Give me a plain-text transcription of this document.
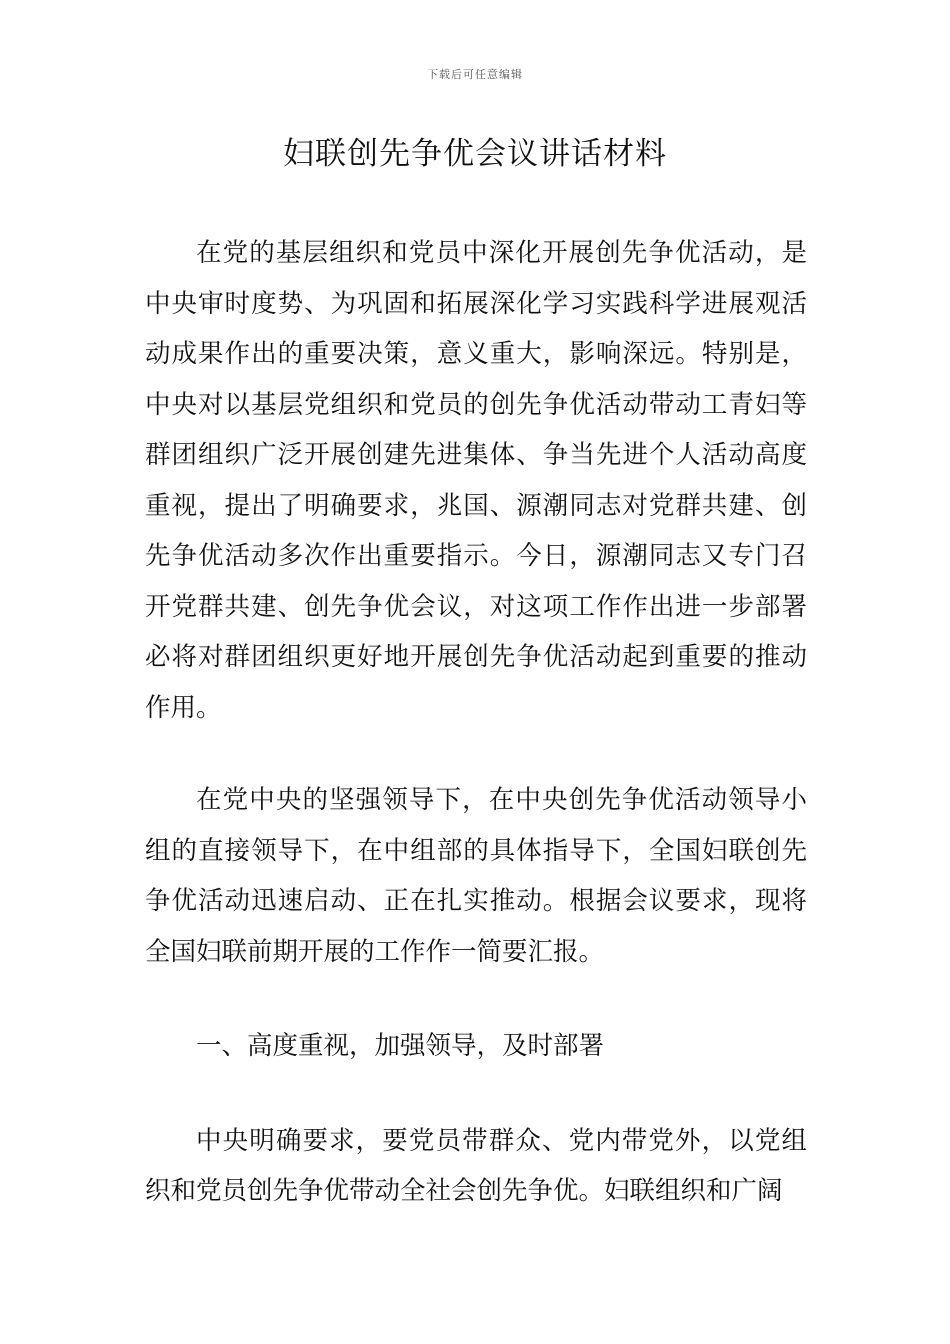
下载后可任意编辑
妇联创先争优会议讲话材料

在党的基层组织和党员中深化开展创先争优活动，是中央审时度势、为巩固和拓展深化学习实践科学进展观活动成果作出的重要决策，意义重大，影响深远。特别是，中央对以基层党组织和党员的创先争优活动带动工青妇等群团组织广泛开展创建先进集体、争当先进个人活动高度重视，提出了明确要求，兆国、源潮同志对党群共建、创先争优活动多次作出重要指示。今日，源潮同志又专门召开党群共建、创先争优会议，对这项工作作出进一步部署必将对群团组织更好地开展创先争优活动起到重要的推动作用。

在党中央的坚强领导下，在中央创先争优活动领导小组的直接领导下，在中组部的具体指导下，全国妇联创先争优活动迅速启动、正在扎实推动。根据会议要求，现将全国妇联前期开展的工作作一简要汇报。

一、高度重视，加强领导，及时部署

中央明确要求，要党员带群众、党内带党外，以党组织和党员创先争优带动全社会创先争优。妇联组织和广阔
